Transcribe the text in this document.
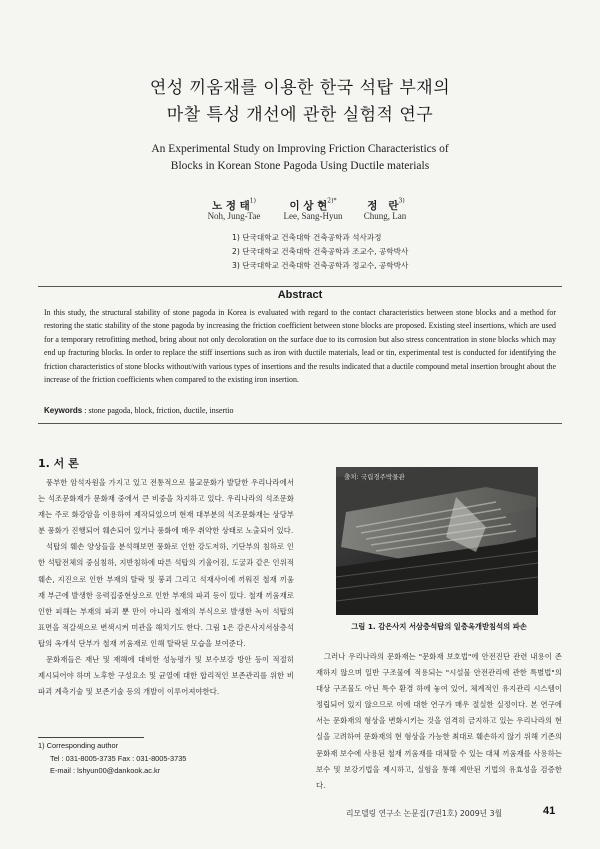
연성 끼움재를 이용한 한국 석탑 부재의
마찰 특성 개선에 관한 실험적 연구
An Experimental Study on Improving Friction Characteristics of
Blocks in Korean Stone Pagoda Using Ductile materials
노 정 태$^{1)}$
Noh, Jung-Tae
이 상 현$^{2)*}$
Lee, Sang-Hyun
정   란$^{3)}$
Chung, Lan
1) 단국대학교 건축대학 건축공학과 석사과정
2) 단국대학교 건축대학 건축공학과 조교수, 공학박사
3) 단국대학교 건축대학 건축공학과 정교수, 공학박사
Abstract
In this study, the structural stability of stone pagoda in Korea is evaluated with regard to the contact characteristics between stone blocks and a method for restoring the static stability of the stone pagoda by increasing the friction coefficient between stone blocks are proposed. Existing steel insertions, which are used for a temporary retrofitting method, bring about not only decoloration on the surface due to its corrosion but also stress concentration in stone blocks which may end up fracturing blocks. In order to replace the stiff insertions such as iron with ductile materials, lead or tin, experimental test is conducted for identifying the friction characteristics of stone blocks without/with various types of insertions and the results indicated that a ductile compound metal insertion brought about the increase of the friction coefficients when compared to the existing iron insertion.
Keywords : stone pagoda, block, friction, ductile, insertio
1. 서 론

풍부한 암석자원을 가지고 있고 전통적으로 불교문화가 발달한 우리나라에서는 석조문화재가 문화재 중에서 큰 비중을 차지하고 있다. 우리나라의 석조문화재는 주로 화강암을 이용하여 제작되었으며 현재 대부분의 석조문화재는 상당부분 풍화가 진행되어 훼손되어 있거나 풍화에 매우 취약한 상태로 노출되어 있다.

석탑의 훼손 양상들을 분석해보면 풍화로 인한 강도저하, 기단부의 침하로 인한 석탑전체의 중심침하, 지반침하에 따른 석탑의 기울어짐, 도굴과 같은 인위적 훼손, 지진으로 인한 부재의 탈락 및 붕괴 그리고 석재사이에 끼워진 철재 끼움재 부근에 발생한 응력집중현상으로 인한 부재의 파괴 등이 있다. 철재 끼움재로인한 피해는 부재의 파괴 뿐 만이 아니라 철재의 부식으로 발생한 녹이 석탑의 표면을 적갈색으로 변색시켜 미관을 해치기도 한다. 그림 1은 감은사지서삼층석탑의 옥개석 단부가 철재 끼움재로 인해 탈락된 모습을 보여준다.

문화재들은 재난 및 재해에 대비한 성능평가 및 보수보강 방안 등이 적절히 제시되어야 하며 노후한 구성요소 및 균열에 대한 합리적인 보존관리를 위한 비파괴 계측기술 및 보존기술 등의 개발이 이루어져야한다.

1) Corresponding author
Tel : 031-8005-3735 Fax : 031-8005-3735
E-mail : lshyun00@dankook.ac.kr
출처: 국립경주박물관
그림 1. 감은사지 서삼층석탑의 일층옥개받침석의 파손

그러나 우리나라의 문화재는 "문화재 보호법"에 안전진단 관련 내용이 존재하지 않으며 일반 구조물에 적용되는 "시설물 안전관리에 관한 특별법"의 대상 구조물도 아닌 특수 환경 하에 놓여 있어, 체계적인 유지관리 시스템이 정립되어 있지 않으므로 이에 대한 연구가 매우 절실한 실정이다. 본 연구에서는 문화재의 형상을 변화시키는 것을 엄격히 금지하고 있는 우리나라의 현실을 고려하여 문화재의 현 형상을 가능한 최대로 훼손하지 않기 위해 기존의 문화재 보수에 사용된 철재 끼움재를 대체할 수 있는 대체 끼움재를 사용하는 보수 및 보강기법을 제시하고, 실험을 통해 제안된 기법의 유효성을 검증한다.

리모델링 연구소 논문집(7권1호) 2009년 3월	41
